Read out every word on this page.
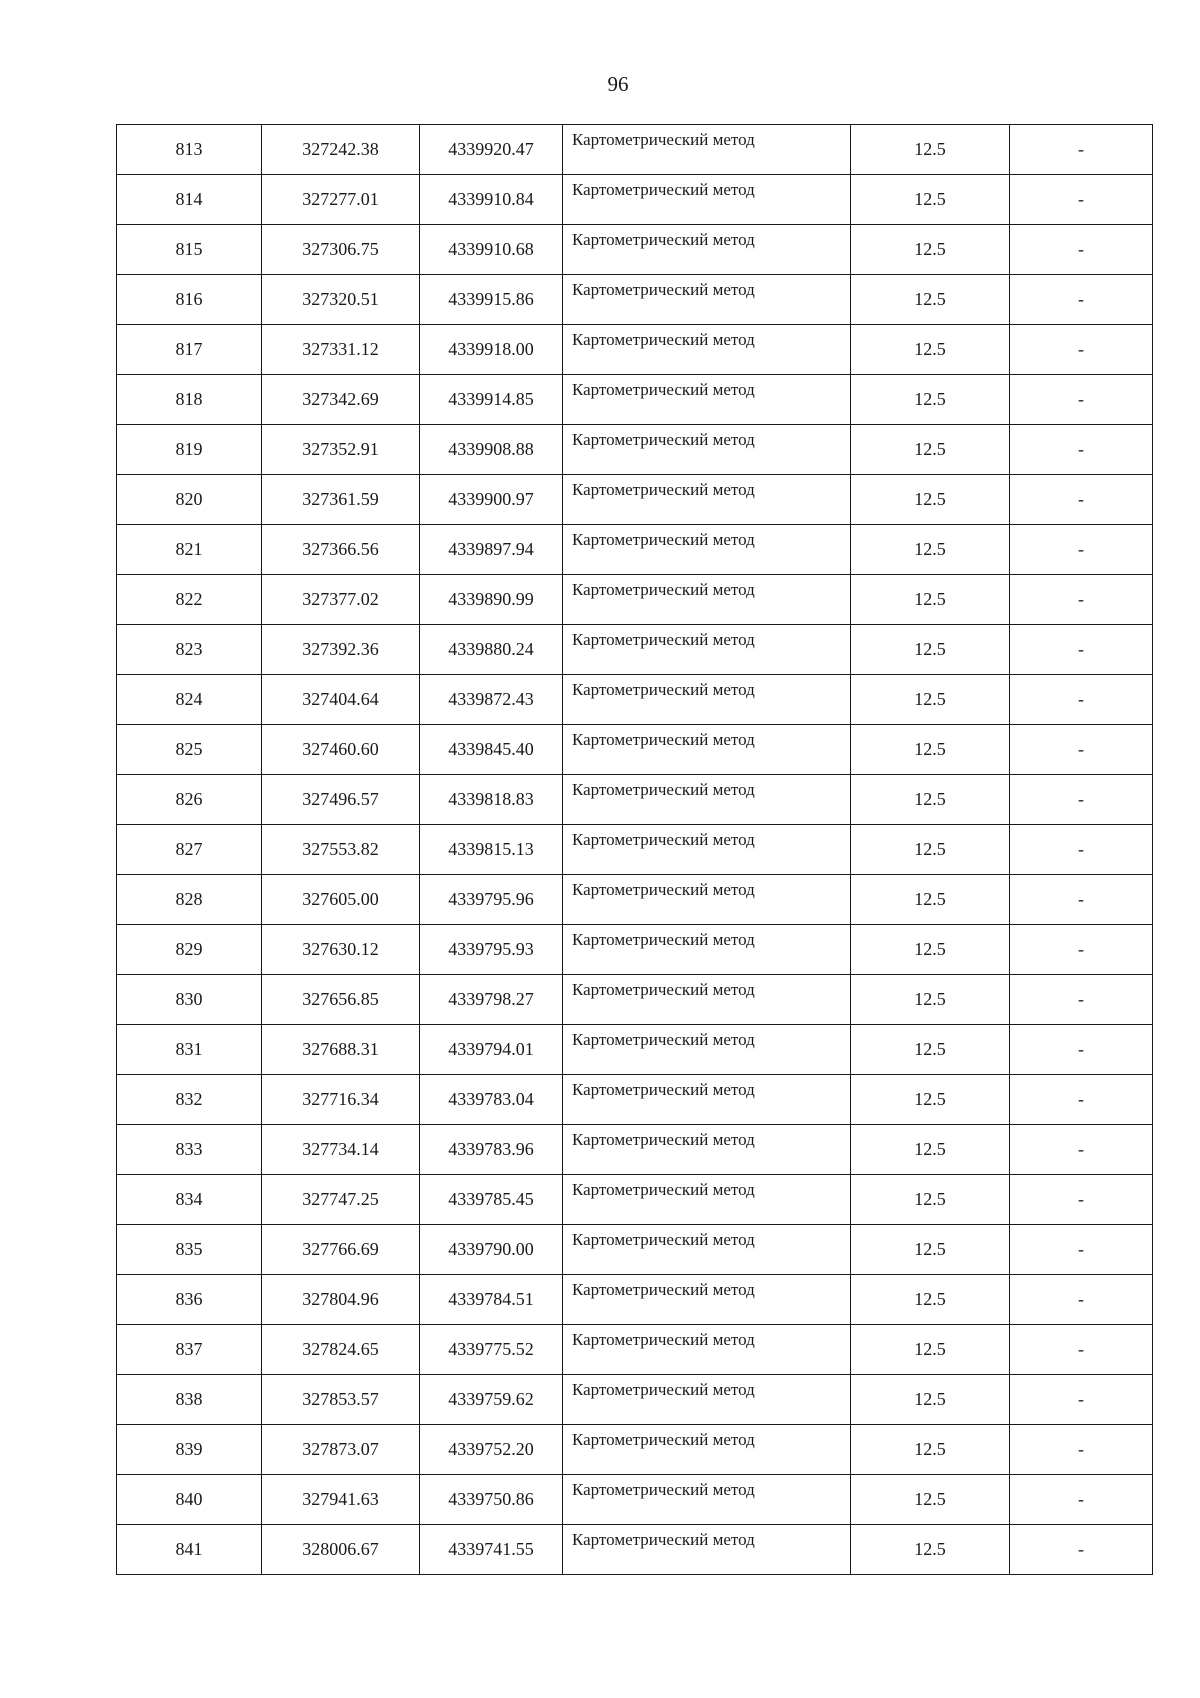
96
813	327242.38	4339920.47	Картометрический метод	12.5	-
814	327277.01	4339910.84	Картометрический метод	12.5	-
815	327306.75	4339910.68	Картометрический метод	12.5	-
816	327320.51	4339915.86	Картометрический метод	12.5	-
817	327331.12	4339918.00	Картометрический метод	12.5	-
818	327342.69	4339914.85	Картометрический метод	12.5	-
819	327352.91	4339908.88	Картометрический метод	12.5	-
820	327361.59	4339900.97	Картометрический метод	12.5	-
821	327366.56	4339897.94	Картометрический метод	12.5	-
822	327377.02	4339890.99	Картометрический метод	12.5	-
823	327392.36	4339880.24	Картометрический метод	12.5	-
824	327404.64	4339872.43	Картометрический метод	12.5	-
825	327460.60	4339845.40	Картометрический метод	12.5	-
826	327496.57	4339818.83	Картометрический метод	12.5	-
827	327553.82	4339815.13	Картометрический метод	12.5	-
828	327605.00	4339795.96	Картометрический метод	12.5	-
829	327630.12	4339795.93	Картометрический метод	12.5	-
830	327656.85	4339798.27	Картометрический метод	12.5	-
831	327688.31	4339794.01	Картометрический метод	12.5	-
832	327716.34	4339783.04	Картометрический метод	12.5	-
833	327734.14	4339783.96	Картометрический метод	12.5	-
834	327747.25	4339785.45	Картометрический метод	12.5	-
835	327766.69	4339790.00	Картометрический метод	12.5	-
836	327804.96	4339784.51	Картометрический метод	12.5	-
837	327824.65	4339775.52	Картометрический метод	12.5	-
838	327853.57	4339759.62	Картометрический метод	12.5	-
839	327873.07	4339752.20	Картометрический метод	12.5	-
840	327941.63	4339750.86	Картометрический метод	12.5	-
841	328006.67	4339741.55	Картометрический метод	12.5	-
